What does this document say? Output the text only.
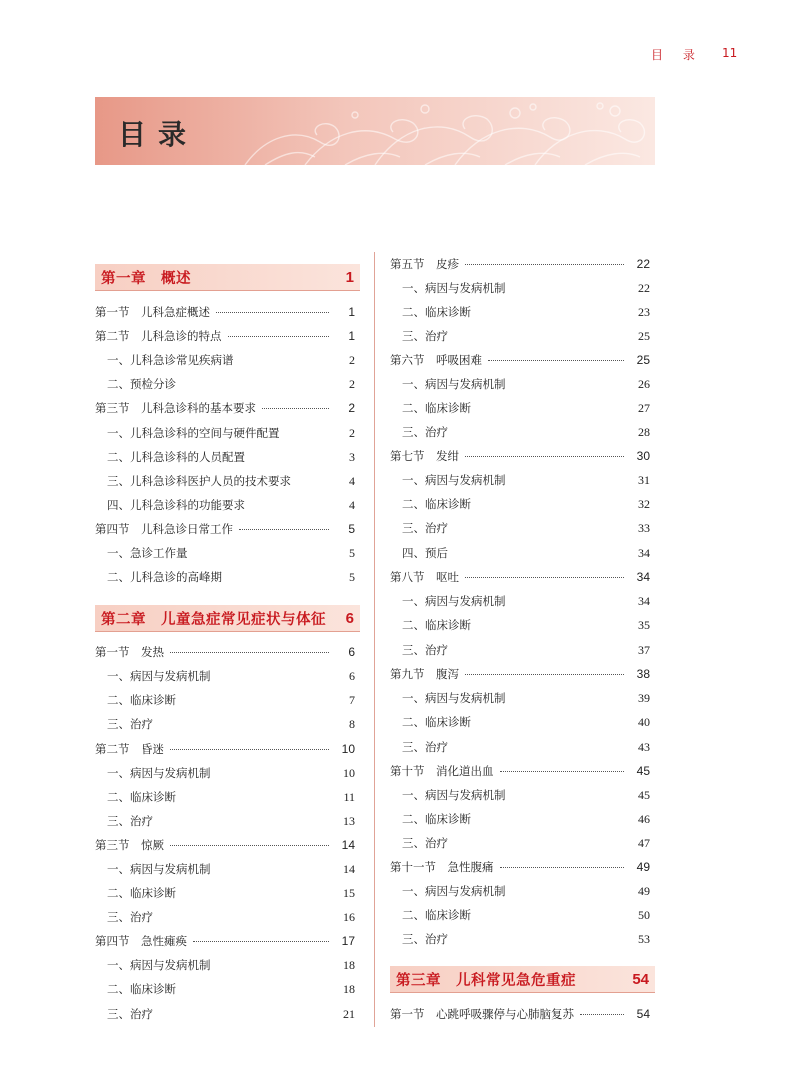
目 录 11
目录
第一章　概述	1
第一节　儿科急症概述	1
第二节　儿科急诊的特点	1
一、儿科急诊常见疾病谱	2
二、预检分诊	2
第三节　儿科急诊科的基本要求	2
一、儿科急诊科的空间与硬件配置	2
二、儿科急诊科的人员配置	3
三、儿科急诊科医护人员的技术要求	4
四、儿科急诊科的功能要求	4
第四节　儿科急诊日常工作	5
一、急诊工作量	5
二、儿科急诊的高峰期	5
第二章　儿童急症常见症状与体征 6
第一节　发热	6
一、病因与发病机制	6
二、临床诊断	7
三、治疗	8
第二节　昏迷	10
一、病因与发病机制	10
二、临床诊断	11
三、治疗	13
第三节　惊厥	14
一、病因与发病机制	14
二、临床诊断	15
三、治疗	16
第四节　急性瘫痪	17
一、病因与发病机制	18
二、临床诊断	18
三、治疗	21
第五节　皮疹	22
一、病因与发病机制	22
二、临床诊断	23
三、治疗	25
第六节　呼吸困难	25
一、病因与发病机制	26
二、临床诊断	27
三、治疗	28
第七节　发绀	30
一、病因与发病机制	31
二、临床诊断	32
三、治疗	33
四、预后	34
第八节　呕吐	34
一、病因与发病机制	34
二、临床诊断	35
三、治疗	37
第九节　腹泻	38
一、病因与发病机制	39
二、临床诊断	40
三、治疗	43
第十节　消化道出血	45
一、病因与发病机制	45
二、临床诊断	46
三、治疗	47
第十一节　急性腹痛	49
一、病因与发病机制	49
二、临床诊断	50
三、治疗	53
第三章　儿科常见急危重症	54
第一节　心跳呼吸骤停与心肺脑复苏	54
